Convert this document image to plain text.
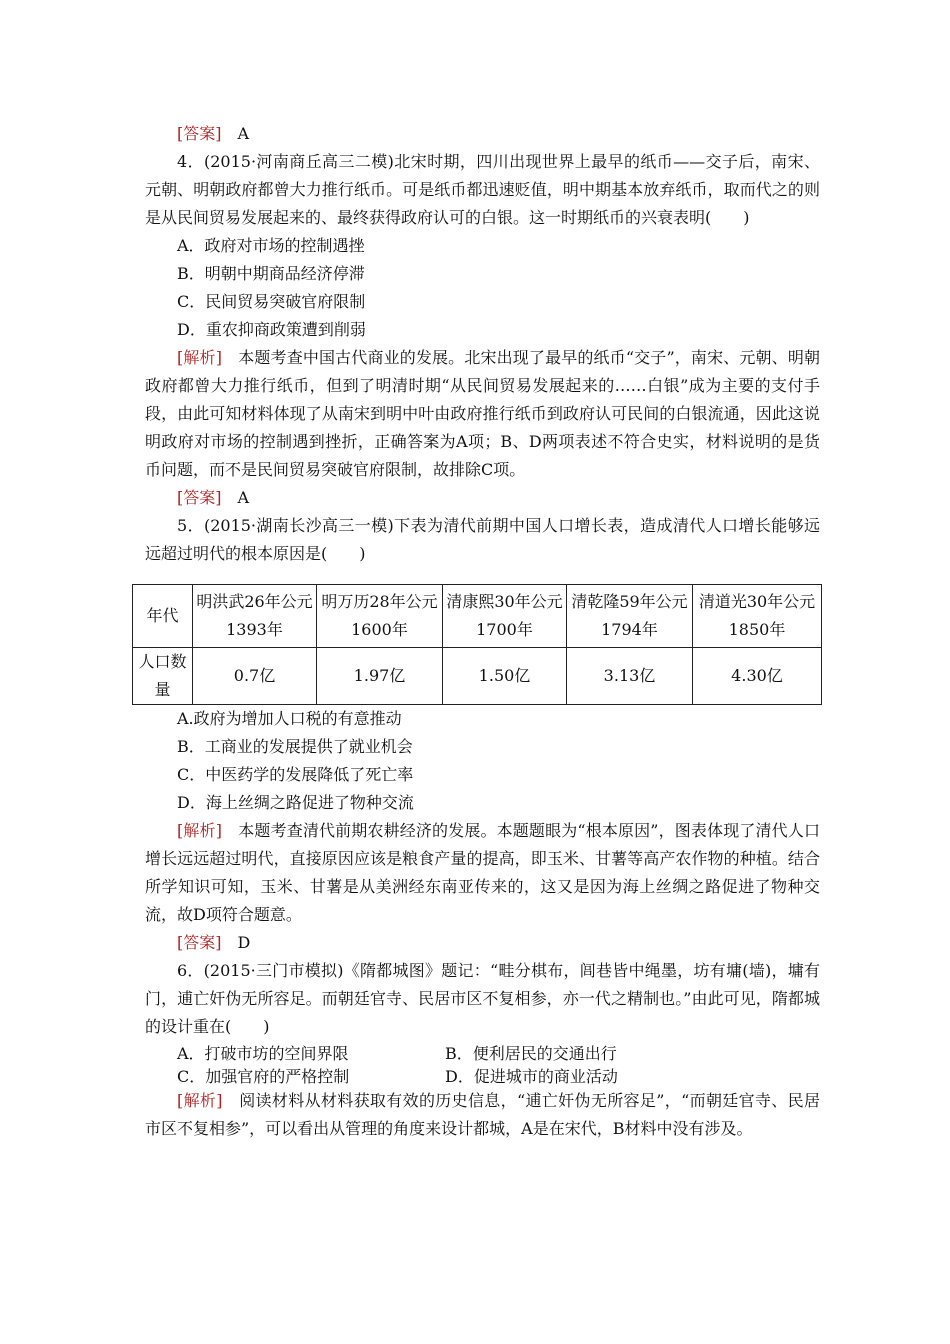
[答案]　 A

4．(2015·河南商丘高三二模)北宋时期，四川出现世界上最早的纸币——交子后，南宋、元朝、明朝政府都曾大力推行纸币。可是纸币都迅速贬值，明中期基本放弃纸币，取而代之的则是从民间贸易发展起来的、最终获得政府认可的白银。这一时期纸币的兴衰表明(　　)

A．政府对市场的控制遇挫

B．明朝中期商品经济停滞

C．民间贸易突破官府限制

D．重农抑商政策遭到削弱

[解析]　 本题考查中国古代商业的发展。北宋出现了最早的纸币“交子”，南宋、元朝、明朝政府都曾大力推行纸币，但到了明清时期“从民间贸易发展起来的……白银”成为主要的支付手段，由此可知材料体现了从南宋到明中叶由政府推行纸币到政府认可民间的白银流通，因此这说明政府对市场的控制遇到挫折，正确答案为A项；B、D两项表述不符合史实，材料说明的是货币问题，而不是民间贸易突破官府限制，故排除C项。

[答案]　 A

5．(2015·湖南长沙高三一模)下表为清代前期中国人口增长表，造成清代人口增长能够远远超过明代的根本原因是(　　)

年代	明洪武26年公元1393年	明万历28年公元1600年	清康熙30年公元1700年	清乾隆59年公元1794年	清道光30年公元1850年
人口数量	0.7亿	1.97亿	1.50亿	3.13亿	4.30亿

A.政府为增加人口税的有意推动

B．工商业的发展提供了就业机会

C．中医药学的发展降低了死亡率

D．海上丝绸之路促进了物种交流

[解析]　 本题考查清代前期农耕经济的发展。本题题眼为“根本原因”，图表体现了清代人口增长远远超过明代，直接原因应该是粮食产量的提高，即玉米、甘薯等高产农作物的种植。结合所学知识可知，玉米、甘薯是从美洲经东南亚传来的，这又是因为海上丝绸之路促进了物种交流，故D项符合题意。

[答案]　 D

6．(2015·三门市模拟)《隋都城图》题记：“畦分棋布，闾巷皆中绳墨，坊有墉(墙)，墉有门，逋亡奸伪无所容足。而朝廷官寺、民居市区不复相参，亦一代之精制也。”由此可见，隋都城的设计重在(　　)

A．打破市坊的空间界限	B．便利居民的交通出行
C．加强官府的严格控制	D．促进城市的商业活动

[解析]　 阅读材料从材料获取有效的历史信息，“逋亡奸伪无所容足”，“而朝廷官寺、民居市区不复相参”，可以看出从管理的角度来设计都城，A是在宋代，B材料中没有涉及。
